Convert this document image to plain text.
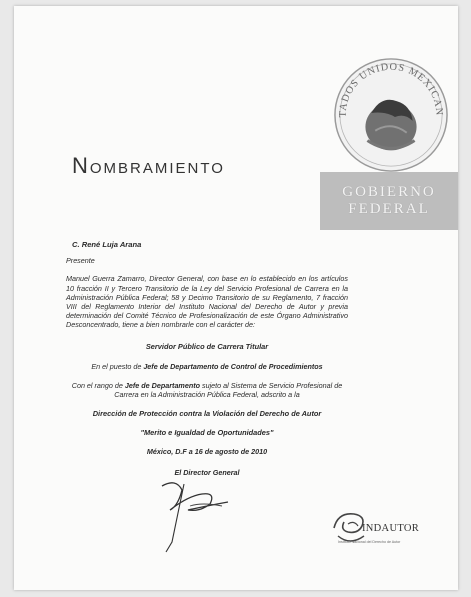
TADOS UNIDOS MEXICAN
GOBIERNO
FEDERAL
Nombramiento

C. René Luja Arana

Presente

Manuel Guerra Zamarro, Director General, con base en lo establecido en los artículos 10 fracción II y Tercero Transitorio de la Ley del Servicio Profesional de Carrera en la Administración Pública Federal; 58 y Decimo Transitorio de su Reglamento, 7 fracción VIII del Reglamento Interior del Instituto Nacional del Derecho de Autor y previa determinación del Comité Técnico de Profesionalización de este Órgano Administrativo Desconcentrado, tiene a bien nombrarle con el carácter de:

Servidor Público de Carrera Titular

En el puesto de Jefe de Departamento de Control de Procedimientos

Con el rango de Jefe de Departamento sujeto al Sistema de Servicio Profesional de Carrera en la Administración Pública Federal, adscrito a la

Dirección de Protección contra la Violación del Derecho de Autor

"Merito e Igualdad de Oportunidades"

México, D.F a 16 de agosto de 2010

El Director General

INDAUTOR
Instituto Nacional del Derecho de Autor
